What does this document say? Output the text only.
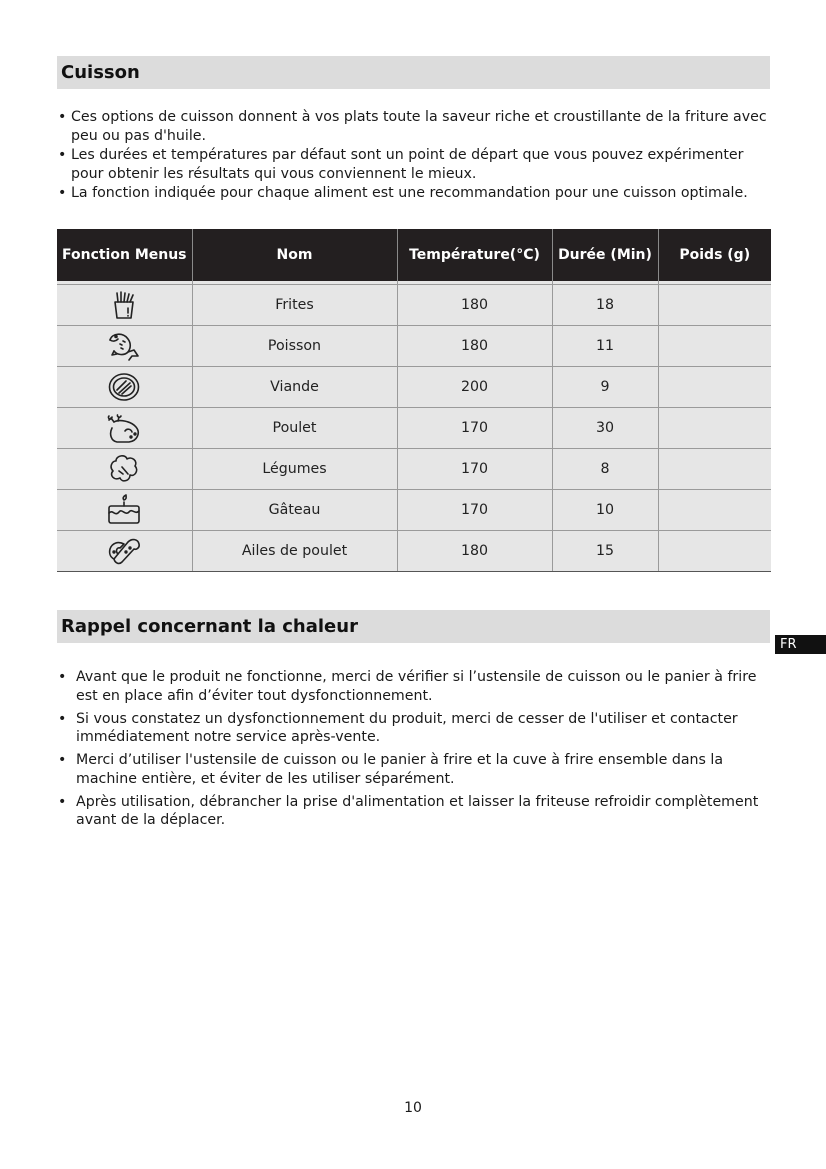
Cuisson
• Ces options de cuisson donnent à vos plats toute la saveur riche et croustillante de la friture avec peu ou pas d'huile.
• Les durées et températures par défaut sont un point de départ que vous pouvez expérimenter pour obtenir les résultats qui vous conviennent le mieux.
• La fonction indiquée pour chaque aliment est une recommandation pour une cuisson optimale.
Fonction Menus	Nom	Température(°C)	Durée (Min)	Poids (g)

	Frites	180	18	

	Poisson	180	11	

	Viande	200	9	

	Poulet	170	30	

	Légumes	170	8	

	Gâteau	170	10	

	Ailes de poulet	180	15	
Rappel concernant la chaleur
FR
• Avant que le produit ne fonctionne, merci de vérifier si l’ustensile de cuisson ou le panier à frire est en place afin d’éviter tout dysfonctionnement.
• Si vous constatez un dysfonctionnement du produit, merci de cesser de l'utiliser et contacter immédiatement notre service après-vente.
• Merci d’utiliser l'ustensile de cuisson ou le panier à frire et la cuve à frire ensemble dans la machine entière, et éviter de les utiliser séparément.
• Après utilisation, débrancher la prise d'alimentation et laisser la friteuse refroidir complètement avant de la déplacer.
10
